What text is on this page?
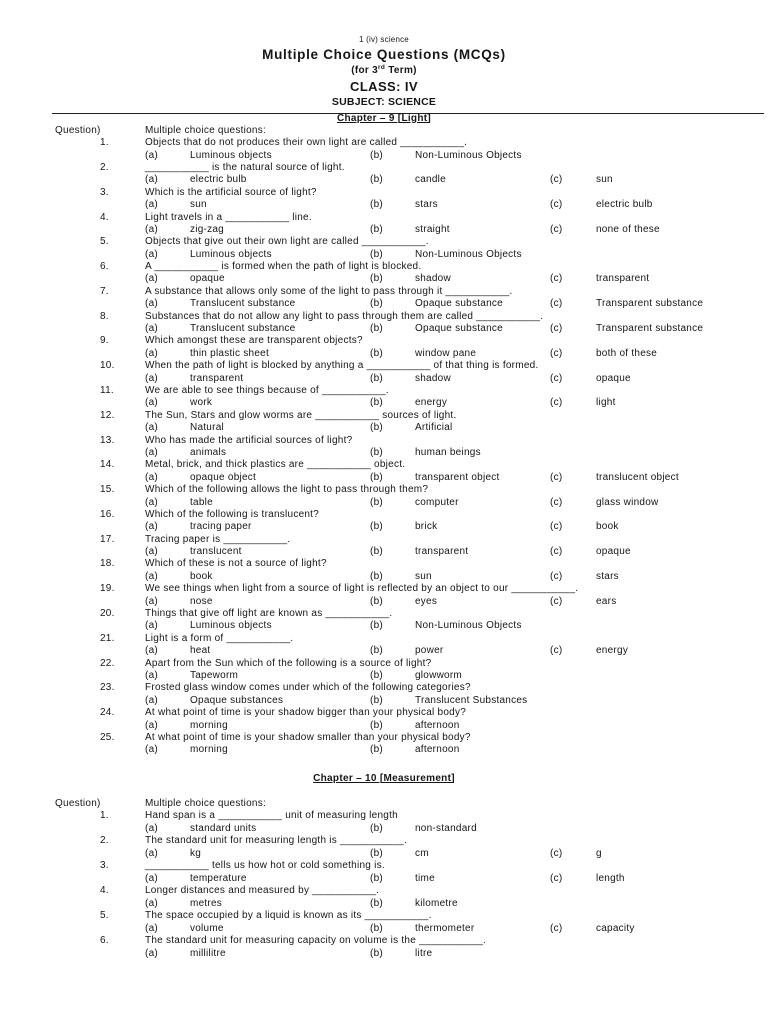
1 (iv) science
Multiple Choice Questions (MCQs)
(for 3rd Term)
CLASS: IV
SUBJECT: SCIENCE
Chapter – 9 [Light]
Question)	Multiple choice questions:
1.	Objects that do not produces their own light are called ___________.
(a)	Luminous objects	(b)	Non-Luminous Objects
2.	___________ is the natural source of light.
(a)	electric bulb	(b)	candle	(c)	sun
3.	Which is the artificial source of light?
(a)	sun	(b)	stars	(c)	electric bulb
4.	Light travels in a ___________ line.
(a)	zig-zag	(b)	straight	(c)	none of these
5.	Objects that give out their own light are called ___________.
(a)	Luminous objects	(b)	Non-Luminous Objects
6.	A ___________ is formed when the path of light is blocked.
(a)	opaque	(b)	shadow	(c)	transparent
7.	A substance that allows only some of the light to pass through it ___________.
(a)	Translucent substance	(b)	Opaque substance	(c)	Transparent substance
8.	Substances that do not allow any light to pass through them are called ___________.
(a)	Translucent substance	(b)	Opaque substance	(c)	Transparent substance
9.	Which amongst these are transparent objects?
(a)	thin plastic sheet	(b)	window pane	(c)	both of these
10.	When the path of light is blocked by anything a ___________ of that thing is formed.
(a)	transparent	(b)	shadow	(c)	opaque
11.	We are able to see things because of ___________.
(a)	work	(b)	energy	(c)	light
12.	The Sun, Stars and glow worms are ___________ sources of light.
(a)	Natural	(b)	Artificial
13.	Who has made the artificial sources of light?
(a)	animals	(b)	human beings
14.	Metal, brick, and thick plastics are ___________ object.
(a)	opaque object	(b)	transparent object	(c)	translucent object
15.	Which of the following allows the light to pass through them?
(a)	table	(b)	computer	(c)	glass window
16.	Which of the following is translucent?
(a)	tracing paper	(b)	brick	(c)	book
17.	Tracing paper is ___________.
(a)	translucent	(b)	transparent	(c)	opaque
18.	Which of these is not a source of light?
(a)	book	(b)	sun	(c)	stars
19.	We see things when light from a source of light is reflected by an object to our ___________.
(a)	nose	(b)	eyes	(c)	ears
20.	Things that give off light are known as ___________.
(a)	Luminous objects	(b)	Non-Luminous Objects
21.	Light is a form of ___________.
(a)	heat	(b)	power	(c)	energy
22.	Apart from the Sun which of the following is a source of light?
(a)	Tapeworm	(b)	glowworm
23.	Frosted glass window comes under which of the following categories?
(a)	Opaque substances	(b)	Translucent Substances
24.	At what point of time is your shadow bigger than your physical body?
(a)	morning	(b)	afternoon
25.	At what point of time is your shadow smaller than your physical body?
(a)	morning	(b)	afternoon
Chapter – 10 [Measurement]
Question)	Multiple choice questions:
1.	Hand span is a ___________ unit of measuring length
(a)	standard units	(b)	non-standard
2.	The standard unit for measuring length is ___________.
(a)	kg	(b)	cm	(c)	g
3.	___________ tells us how hot or cold something is.
(a)	temperature	(b)	time	(c)	length
4.	Longer distances and measured by ___________.
(a)	metres	(b)	kilometre
5.	The space occupied by a liquid is known as its ___________.
(a)	volume	(b)	thermometer	(c)	capacity
6.	The standard unit for measuring capacity on volume is the ___________.
(a)	millilitre	(b)	litre
